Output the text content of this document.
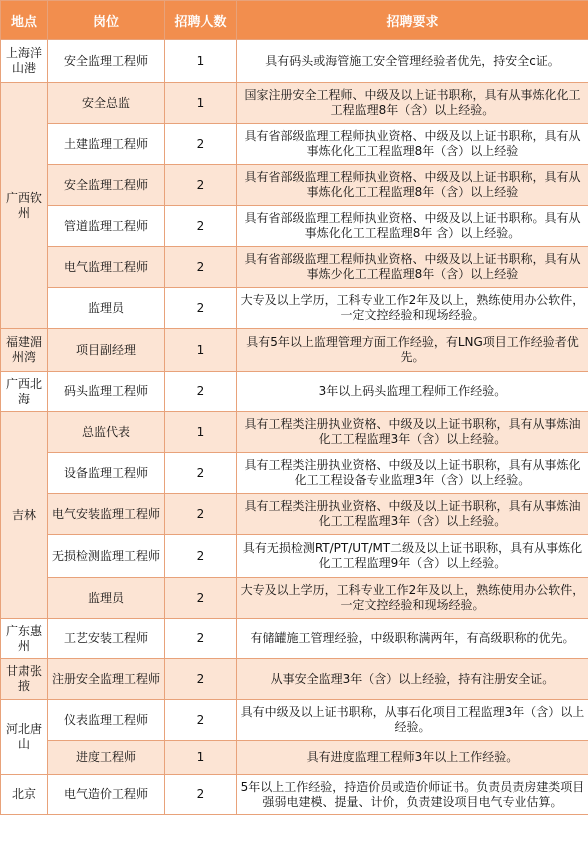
地点	岗位	招聘人数	招聘要求
上海洋山港	安全监理工程师	1	具有码头或海管施工安全管理经验者优先，持安全c证。
广西钦州	安全总监	1	国家注册安全工程师、中级及以上证书职称，具有从事炼化化工工程监理8年（含）以上经验。
	土建监理工程师	2	具有省部级监理工程师执业资格、中级及以上证书职称，具有从事炼化化工工程监理8年（含）以上经验
	安全监理工程师	2	具有省部级监理工程师执业资格、中级及以上证书职称，具有从事炼化化工工程监理8年（含）以上经验
	管道监理工程师	2	具有省部级监理工程师执业资格、中级及以上证书职称。具有从事炼化化工工程监理8年 含）以上经验。
	电气监理工程师	2	具有省部级监理工程师执业资格、中级及以上证书职称，具有从事炼少化工工程监理8年（含）以上经验
	监理员	2	大专及以上学历，工科专业工作2年及以上，熟练使用办公软件，一定文控经验和现场经验。
福建湄州湾	项目副经理	1	具有5年以上监理管理方面工作经验，有LNG项目工作经验者优先。
广西北海	码头监理工程师	2	3年以上码头监理工程师工作经验。
吉林	总监代表	1	具有工程类注册执业资格、中级及以上证书职称，具有从事炼油化工工程监理3年（含）以上经验。
	设备监理工程师	2	具有工程类注册执业资格、中级及以上证书职称，具有从事炼化化工工程设备专业监理3年（含）以上经验。
	电气安装监理工程师	2	具有工程类注册执业资格、中级及以上证书职称，具有从事炼油化工工程监理3年（含）以上经验。
	无损检测监理工程师	2	具有无损检测RT/PT/UT/MT二级及以上证书职称，具有从事炼化化工工程监理9年（含）以上经验。
	监理员	2	大专及以上学历，工科专业工作2年及以上，熟练使用办公软件，一定文控经验和现场经验。
广东惠州	工艺安装工程师	2	有储罐施工管理经验，中级职称满两年，有高级职称的优先。
甘肃张掖	注册安全监理工程师	2	从事安全监理3年（含）以上经验，持有注册安全证。
河北唐山	仪表监理工程师	2	具有中级及以上证书职称，从事石化项目工程监理3年（含）以上经验。
	进度工程师	1	具有进度监理工程师3年以上工作经验。
北京	电气造价工程师	2	5年以上工作经验，持造价员或造价师证书。负责员责房建类项目强弱电建模、提量、计价，负责建设项目电气专业估算。
